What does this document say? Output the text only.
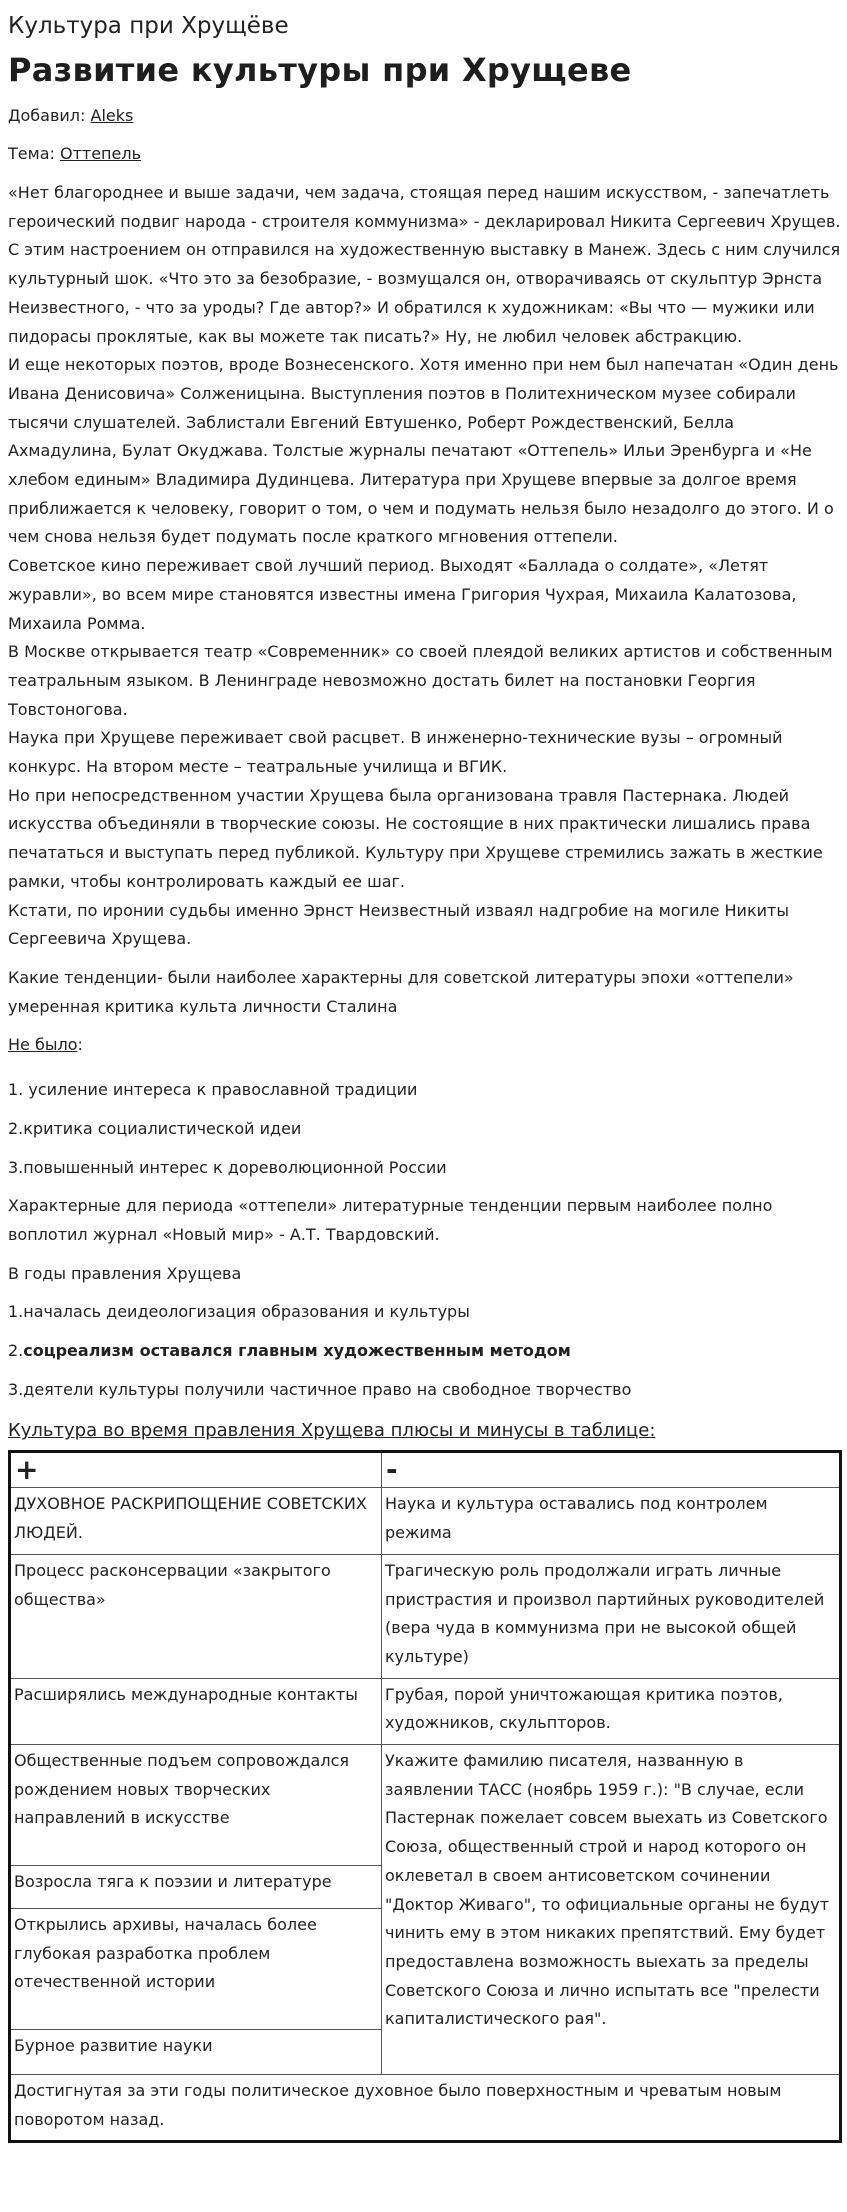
Культура при Хрущёве
Развитие культуры при Хрущеве
Добавил: Aleks
Тема: Оттепель

«Нет благороднее и выше задачи, чем задача, стоящая перед нашим искусством, - запечатлеть героический подвиг народа - строителя коммунизма» - декларировал Никита Сергеевич Хрущев. С этим настроением он отправился на художественную выставку в Манеж. Здесь с ним случился культурный шок. «Что это за безобразие, - возмущался он, отворачиваясь от скульптур Эрнста Неизвестного, - что за уроды? Где автор?» И обратился к художникам: «Вы что — мужики или пидорасы проклятые, как вы можете так писать?» Ну, не любил человек абстракцию.

И еще некоторых поэтов, вроде Вознесенского. Хотя именно при нем был напечатан «Один день Ивана Денисовича» Солженицына. Выступления поэтов в Политехническом музее собирали тысячи слушателей. Заблистали Евгений Евтушенко, Роберт Рождественский, Белла Ахмадулина, Булат Окуджава. Толстые журналы печатают «Оттепель» Ильи Эренбурга и «Не хлебом единым» Владимира Дудинцева. Литература при Хрущеве впервые за долгое время приближается к человеку, говорит о том, о чем и подумать нельзя было незадолго до этого. И о чем снова нельзя будет подумать после краткого мгновения оттепели.

Советское кино переживает свой лучший период. Выходят «Баллада о солдате», «Летят журавли», во всем мире становятся известны имена Григория Чухрая, Михаила Калатозова, Михаила Ромма.

В Москве открывается театр «Современник» со своей плеядой великих артистов и собственным театральным языком. В Ленинграде невозможно достать билет на постановки Георгия Товстоногова.

Наука при Хрущеве переживает свой расцвет. В инженерно-технические вузы – огромный конкурс. На втором месте – театральные училища и ВГИК.

Но при непосредственном участии Хрущева была организована травля Пастернака. Людей искусства объединяли в творческие союзы. Не состоящие в них практически лишались права печататься и выступать перед публикой. Культуру при Хрущеве стремились зажать в жесткие рамки, чтобы контролировать каждый ее шаг.

Кстати, по иронии судьбы именно Эрнст Неизвестный изваял надгробие на могиле Никиты Сергеевича Хрущева.

Какие тенденции- были наиболее характерны для советской литературы эпохи «оттепели» умеренная критика культа личности Сталина

Не было:

1. усиление интереса к православной традиции

2.критика социалистической идеи

3.повышенный интерес к дореволюционной России

Характерные для периода «оттепели» литературные тенденции первым наиболее полно воплотил журнал «Новый мир» - А.Т. Твардовский.

В годы правления Хрущева

1.началась деидеологизация образования и культуры

2.соцреализм оставался главным художественным методом

3.деятели культуры получили частичное право на свободное творчество

Культура во время правления Хрущева плюсы и минусы в таблице:
+	-
ДУХОВНОЕ РАСКРИПОЩЕНИЕ СОВЕТСКИХ ЛЮДЕЙ.	Наука и культура оставались под контролем режима
Процесс расконсервации «закрытого общества»	Трагическую роль продолжали играть личные пристрастия и произвол партийных руководителей (вера чуда в коммунизма при не высокой общей культуре)
Расширялись международные контакты	Грубая, порой уничтожающая критика поэтов, художников, скульпторов.
Общественные подъем сопровождался рождением новых творческих направлений в искусстве	Укажите фамилию писателя, названную в заявлении ТАСС (ноябрь 1959 г.): "В случае, если Пастернак пожелает совсем выехать из Советского Союза, общественный строй и народ которого он оклеветал в своем антисоветском сочинении "Доктор Живаго", то официальные органы не будут чинить ему в этом никаких препятствий. Ему будет предоставлена возможность выехать за пределы Советского Союза и лично испытать все "прелести капиталистического рая".
Возросла тяга к поэзии и литературе	
Открылись архивы, началась более глубокая разработка проблем отечественной истории	
Бурное развитие науки	
Достигнутая за эти годы политическое духовное было поверхностным и чреватым новым поворотом назад.	
